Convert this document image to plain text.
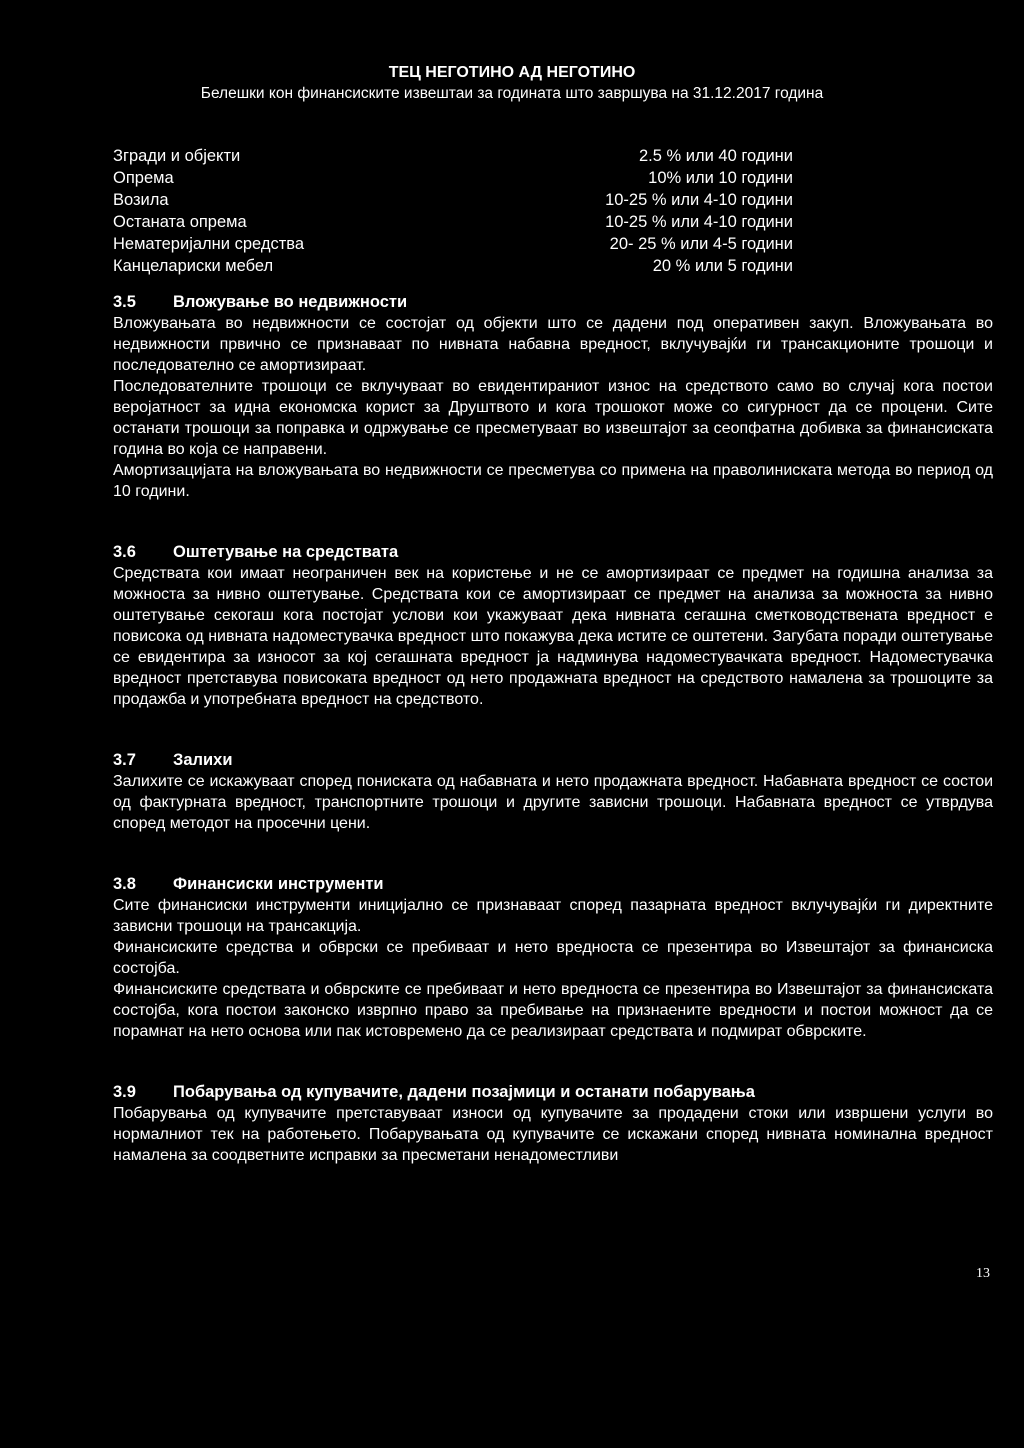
ТЕЦ НЕГОТИНО АД НЕГОТИНО
Белешки кон финансиските извештаи за годината што завршува на 31.12.2017 година
Згради и објекти	2.5 % или 40 години
Опрема	10% или 10 години
Возила	10-25 % или 4-10 години
Останата опрема	10-25 % или 4-10 години
Нематеријални средства	20- 25 % или 4-5 години
Канцелариски мебел	20 % или 5 години
3.5	Вложување во недвижности

Вложувањата во недвижности се состојат од објекти што се дадени под оперативен закуп. Вложувањата во недвижности првично се признаваат по нивната набавна вредност, вклучувајќи ги трансакционите трошоци и последователно се амортизираат.

Последователните трошоци се вклучуваат во евидентираниот износ на средството само во случај кога постои веројатност за идна економска корист за Друштвото и кога трошокот може со сигурност да се процени. Сите останати трошоци за поправка и одржување се пресметуваат во извештајот за сеопфатна добивка за финансиската година во која се направени.

Амортизацијата на вложувањата во недвижности се пресметува со примена на праволиниската метода во период од 10 години.

3.6	Оштетување на средствата

Средствата кои имаат неограничен век на користење и не се амортизираат се предмет на годишна анализа за можноста за нивно оштетување. Средствата кои се амортизираат се предмет на анализа за можноста за нивно оштетување секогаш кога постојат услови кои укажуваат дека нивната сегашна сметководствената вредност е повисока од нивната надоместувачка вредност што покажува дека истите се оштетени. Загубата поради оштетување се евидентира за износот за кој сегашната вредност ја надминува надоместувачката вредност. Надоместувачка вредност претставува повисоката вредност од нето продажната вредност на средството намалена за трошоците за продажба и употребната вредност на средството.

3.7	Залихи

Залихите се искажуваат според пониската од набавната и нето продажната вредност. Набавната вредност се состои од фактурната вредност, транспортните трошоци и другите зависни трошоци. Набавната вредност се утврдува според методот на просечни цени.

3.8	Финансиски инструменти

Сите финансиски инструменти иницијално се признаваат според пазарната вредност вклучувајќи ги директните зависни трошоци на трансакција.

Финансиските средства и обврски се пребиваат и нето вредноста се презентира во Извештајот за финансиска состојба.

Финансиските средствата и обврските се пребиваат и нето вредноста се презентира во Извештајот за финансиската состојба, кога постои законско изврпно право за пребивање на признаените вредности и постои можност да се порамнат на нето основа или пак истовремено да се реализираат средствата и подмират обврските.

3.9	Побарувања од купувачите, дадени позајмици и останати побарувања

Побарувања од купувачите претставуваат износи од купувачите за продадени стоки или извршени услуги во нормалниот тек на работењето. Побарувањата од купувачите се искажани според нивната номинална вредност намалена за соодветните исправки за пресметани ненадоместливи

13
